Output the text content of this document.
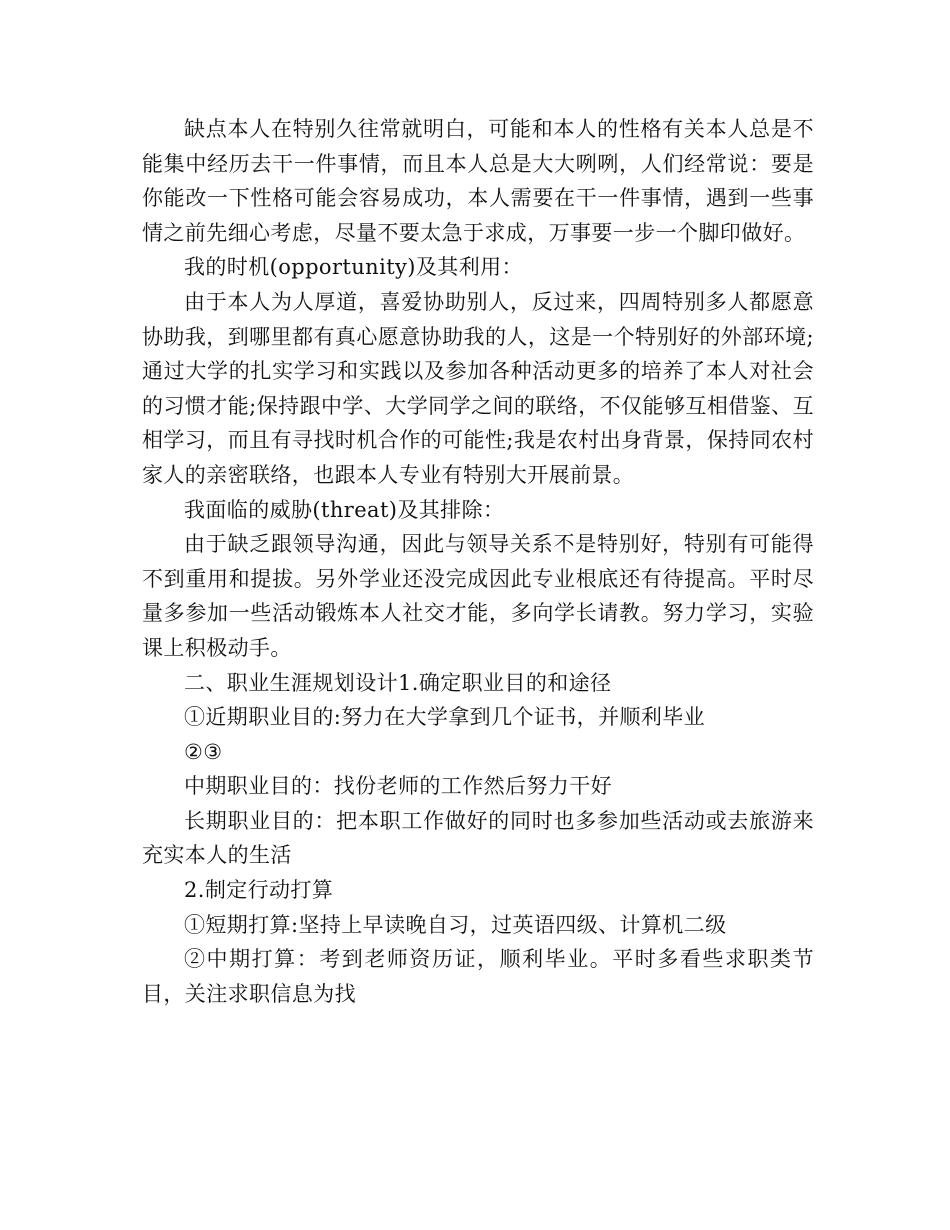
缺点本人在特别久往常就明白，可能和本人的性格有关本人总是不能集中经历去干一件事情，而且本人总是大大咧咧，人们经常说：要是你能改一下性格可能会容易成功，本人需要在干一件事情，遇到一些事情之前先细心考虑，尽量不要太急于求成，万事要一步一个脚印做好。

我的时机(opportunity)及其利用：

由于本人为人厚道，喜爱协助别人，反过来，四周特别多人都愿意协助我，到哪里都有真心愿意协助我的人，这是一个特别好的外部环境;通过大学的扎实学习和实践以及参加各种活动更多的培养了本人对社会的习惯才能;保持跟中学、大学同学之间的联络，不仅能够互相借鉴、互相学习，而且有寻找时机合作的可能性;我是农村出身背景，保持同农村家人的亲密联络，也跟本人专业有特别大开展前景。

我面临的威胁(threat)及其排除：

由于缺乏跟领导沟通，因此与领导关系不是特别好，特别有可能得不到重用和提拔。另外学业还没完成因此专业根底还有待提高。平时尽量多参加一些活动锻炼本人社交才能，多向学长请教。努力学习，实验课上积极动手。

二、职业生涯规划设计1.确定职业目的和途径

①近期职业目的:努力在大学拿到几个证书，并顺利毕业

②③

中期职业目的：找份老师的工作然后努力干好

长期职业目的：把本职工作做好的同时也多参加些活动或去旅游来充实本人的生活

2.制定行动打算

①短期打算:坚持上早读晚自习，过英语四级、计算机二级

②中期打算：考到老师资历证，顺利毕业。平时多看些求职类节目，关注求职信息为找
